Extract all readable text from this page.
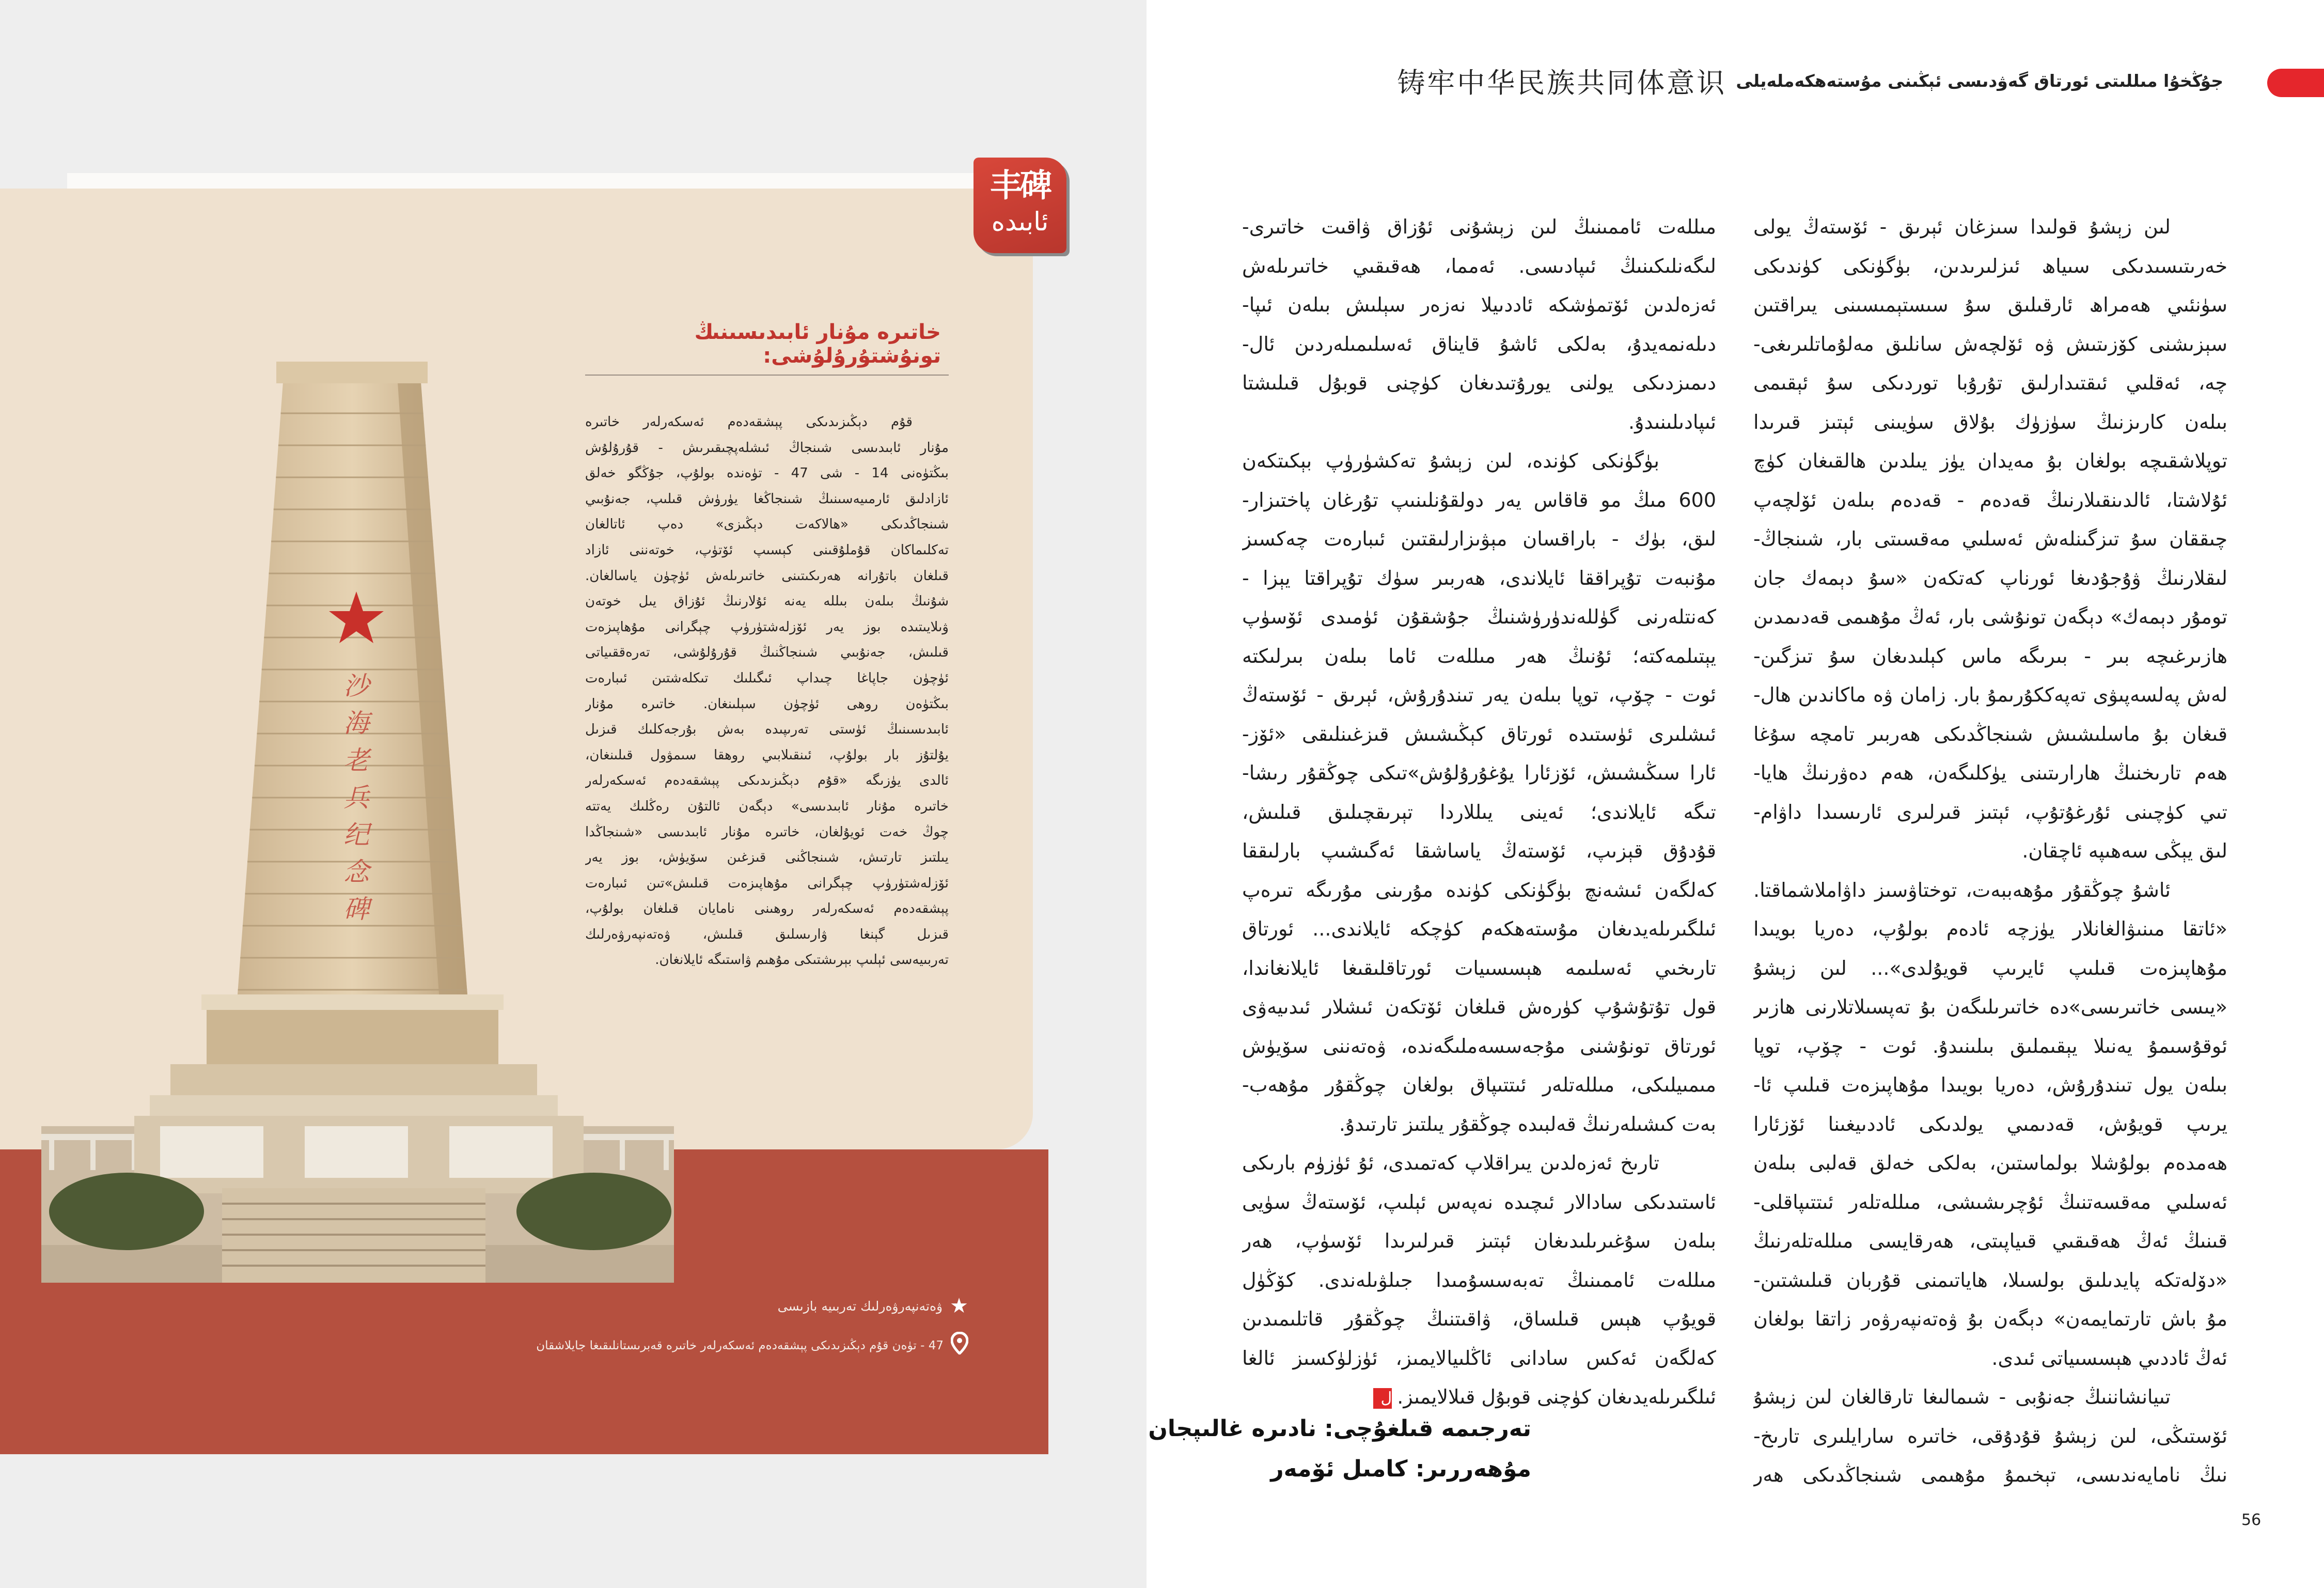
丰碑
ئابىدە
خاتىرە مۇنار ئابىدىسىنىڭ تونۇشتۇرۇلۇشى:
قۇم دېڭىزىدىكى پېشقەدەم ئەسكەرلەر خاتىرە
مۇنار ئابىدىسى شىنجاڭ ئىشلەپچىقىرىش - قۇرۇلۇش
بىڭتۈەنى 14 - شى 47 - تۈەندە بولۇپ، جۇڭگو خەلق
ئازادلىق ئارمىيەسىنىڭ شىنجاڭغا يۈرۈش قىلىپ، جەنۇبىي
شىنجاڭدىكى «ھالاكەت دېڭىزى» دەپ ئاتالغان
تەكلىماكان قۇملۇقىنى كېسىپ ئۆتۈپ، خوتەننى ئازاد
قىلغان باتۇرانە ھەرىكىتىنى خاتىرىلەش ئۈچۈن ياسالغان.
شۇنىڭ بىلەن بىللە يەنە ئۇلارنىڭ ئۇزاق يىل خوتەن
ۋىلايىتىدە بوز يەر ئۆزلەشتۈرۈپ چېگرانى مۇھاپىزەت
قىلىش، جەنۇبىي شىنجاڭنىڭ قۇرۇلۇشى، تەرەققىياتى
ئۈچۈن جاپاغا چىداپ ئىگىلىك تىكلەشتىن ئىبارەت
بىڭتۈەن روھى ئۈچۈن سېلىنغان. خاتىرە مۇنار
ئابىدىسىنىڭ ئۈستى تەرىپىدە بەش بۇرجەكلىك قىزىل
يۇلتۇز بار بولۇپ، ئىنقىلابىي روھقا سىمۋول قىلىنغان،
ئالدى يۈزىگە «قۇم دېڭىزىدىكى پېشقەدەم ئەسكەرلەر
خاتىرە مۇنار ئابىدىسى» دېگەن ئالتۇن رەڭلىك يەتتە
چوڭ خەت ئويۇلغان، خاتىرە مۇنار ئابىدىسى «شىنجاڭدا
يىلتىز تارتىش، شىنجاڭنى قىزغىن سۆيۈش، بوز يەر
ئۆزلەشتۈرۈپ چېگرانى مۇھاپىزەت قىلىش»تىن ئىبارەت
پېشقەدەم ئەسكەرلەر روھىنى نامايان قىلغان بولۇپ،
قىزىل گېنغا ۋارىسلىق قىلىش، ۋەتەنپەرۋەرلىك
تەربىيەسى ئېلىپ بېرىشتىكى مۇھىم ۋاستىگە ئايلانغان.
沙
海
老
兵
纪
念
碑
★
ۋەتەنپەرۋەرلىك تەربىيە بازىسى
47 - تۈەن قۇم دېڭىزىدىكى پېشقەدەم ئەسكەرلەر خاتىرە قەبرىستانلىقىغا جايلاشقان
جۇڭخۇا مىللىتى ئورتاق گەۋدىسى ئېڭىنى مۇستەھكەملەيلى
铸牢中华民族共同体意识
لىن زېشۇ قولىدا سىزغان ئېرىق - ئۆستەڭ يولى
خەرىتىسىدىكى سىياھ ئىزلىرىدىن، بۈگۈنكى كۈندىكى
سۈنئىي ھەمراھ ئارقىلىق سۇ سىستېمىسىنى يىراقتىن
سېزىشنى كۆزىتىش ۋە ئۆلچەش سانلىق مەلۇماتلىرىغى-
چە، ئەقلىي ئىقتىدارلىق تۇرۇبا توردىكى سۇ ئېقىمى
بىلەن كارىزنىڭ سۈزۈك بۇلاق سۈيىنى ئېتىز قىرىدا
توپلاشقىچە بولغان بۇ مەيدان يۈز يىلدىن ھالقىغان كۈچ
ئۇلاشتا، ئالدىنقىلارنىڭ قەدەم - قەدەم بىلەن ئۆلچەپ
چىققان سۇ تىزگىنلەش ئەسلىي مەقسىتى بار، شىنجاڭ-
لىقلارنىڭ ۋۇجۇدىغا ئورناپ كەتكەن «سۇ دېمەك جان
تومۇر دېمەك» دېگەن تونۇشى بار، ئەڭ مۇھىمى قەدىمدىن
ھازىرغىچە بىر - بىرىگە ماس كېلىدىغان سۇ تىزگىن-
لەش پەلسەپىۋى تەپەككۇرىمۇ بار. زامان ۋە ماكاندىن ھال-
قىغان بۇ ماسلىشىش شىنجاڭدىكى ھەربىر تامچە سۇغا
ھەم تارىخنىڭ ھارارىتىنى يۈكلىگەن، ھەم دەۋرنىڭ ھايا-
تىي كۈچىنى ئۇرغۇتۇپ، ئېتىز قىرلىرى ئارىسىدا داۋام-
لىق يېڭى سەھىپە ئاچقان.
ئاشۇ چوڭقۇر مۇھەببەت، توختاۋسىز داۋاملاشماقتا.
«ئاتقا مىنىۋالغانلار يۈزچە ئادەم بولۇپ، دەريا بويىدا
مۇھاپىزەت قىلىپ ئايرىپ قويۇلدى»... لىن زېشۇ
«يىسى خاتىرىسى»دە خاتىرىلىگەن بۇ تەپسىلاتلارنى ھازىر
ئوقۇسىمۇ يەنىلا يېقىملىق بىلىنىدۇ. ئوت - چۆپ، توپا
بىلەن يول تىندۇرۇش، دەريا بويىدا مۇھاپىزەت قىلىپ ئا-
يرىپ قويۇش، قەدىمىي يولدىكى ئاددىيغىنا ئۆزئارا
ھەمدەم بولۇشلا بولماستىن، بەلكى خەلق قەلبى بىلەن
ئەسلىي مەقسەتنىڭ ئۇچرىشىشى، مىللەتلەر ئىتتىپاقلى-
قىنىڭ ئەڭ ھەقىقىي قىياپىتى، ھەرقايسى مىللەتلەرنىڭ
«دۆلەتكە پايدىلىق بولسىلا، ھاياتىمنى قۇربان قىلىشتىن-
مۇ باش تارتمايمەن» دېگەن بۇ ۋەتەنپەرۋەر زاتقا بولغان
ئەڭ ئاددىي ھېسسىياتى ئىدى.
تىيانشاننىڭ جەنۇبى - شىمالىغا تارقالغان لىن زېشۇ
ئۆستىڭى، لىن زېشۇ قۇدۇقى، خاتىرە سارايلىرى تارىخ-
نىڭ نامايەندىسى، تېخىمۇ مۇھىمى شىنجاڭدىكى ھەر
مىللەت ئاممىنىڭ لىن زېشۇنى ئۇزاق ۋاقىت خاتىرى-
لىگەنلىكىنىڭ ئىپادىسى. ئەمما، ھەقىقىي خاتىرىلەش
ئەزەلدىن ئۆتمۈشكە ئاددىيلا نەزەر سېلىش بىلەن ئىپا-
دىلەنمەيدۇ، بەلكى ئاشۇ قايناق ئەسلىمىلەردىن ئال-
دىمىزدىكى يولنى يورۇتىدىغان كۈچنى قوبۇل قىلىشتا
ئىپادىلىنىدۇ.
بۈگۈنكى كۈندە، لىن زېشۇ تەكشۈرۈپ بېكىتكەن
600 مىڭ مو قاقاس يەر دولقۇنلىنىپ تۇرغان پاختىزار-
لىق، بۈك - باراقسان مېۋىزارلىقتىن ئىبارەت چەكسىز
مۇنبەت تۇپراققا ئايلاندى، ھەربىر سۈك تۇپراقتا يېزا -
كەنتلەرنى گۈللەندۈرۈشنىڭ جۇشقۇن ئۈمىدى ئۆسۈپ
يېتىلمەكتە؛ ئۇنىڭ ھەر مىللەت ئاما بىلەن بىرلىكتە
ئوت - چۆپ، توپا بىلەن يەر تىندۇرۇش، ئېرىق - ئۆستەڭ
ئىشلىرى ئۈستىدە ئورتاق كېڭىشىش قىزغىنلىقى «ئۆز-
ئارا سىڭىشىش، ئۆزئارا يۇغۇرۇلۇش»تىكى چوڭقۇر رىشا-
تىگە ئايلاندى؛ ئەينى يىللاردا تېرىقچىلىق قىلىش،
قۇدۇق قېزىپ، ئۆستەڭ ياساشقا ئەگىشىپ بارلىققا
كەلگەن ئىشەنچ بۈگۈنكى كۈندە مۇرىنى مۇرىگە تىرەپ
ئىلگىرىلەيدىغان مۇستەھكەم كۈچكە ئايلاندى... ئورتاق
تارىخىي ئەسلىمە ھېسسىيات ئورتاقلىقىغا ئايلانغاندا،
قول تۇتۇشۇپ كۈرەش قىلغان ئۆتكەن ئىشلار ئىدىيەۋى
ئورتاق تونۇشنى مۇجەسسەملىگەندە، ۋەتەننى سۆيۈش
مىمىيلىكى، مىللەتلەر ئىتتىپاق بولغان چوڭقۇر مۇھەب-
بەت كىشىلەرنىڭ قەلبىدە چوڭقۇر يىلتىز تارتىدۇ.
تارىخ ئەزەلدىن يىراقلاپ كەتمىدى، ئۇ ئۈزۈم بارىكى
ئاستىدىكى سادالار ئىچىدە نەپەس ئېلىپ، ئۆستەڭ سۈيى
بىلەن سۇغىرىلىدىغان ئېتىز قىرلىرىدا ئۆسۈپ، ھەر
مىللەت ئاممىنىڭ تەبەسسۇمىدا جىلۋىلەندى. كۆڭۈل
قويۇپ ھېس قىلساق، ۋاقىتنىڭ چوڭقۇر قاتلىمىدىن
كەلگەن ئەكس سادانى ئاڭلىيالايمىز، ئۈزلۈكسىز ئالغا
ئىلگىرىلەيدىغان كۈچنى قوبۇل قىلالايمىز.ل
تەرجىمە قىلغۇچى: نادىرە غالىپجان
مۇھەررىر: كامىل ئۆمەر
56
